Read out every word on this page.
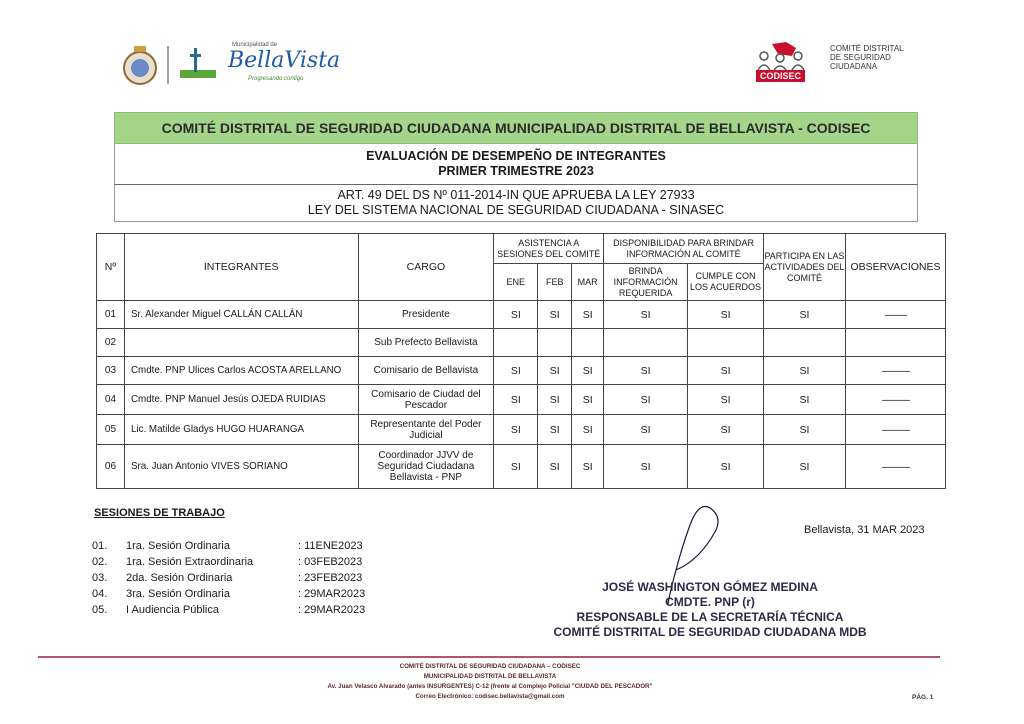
Municipalidad de
BellaVista
Progresando contigo	CODISEC
COMITÉ DISTRITAL DE SEGURIDAD CIUDADANA
COMITÉ DISTRITAL DE SEGURIDAD CIUDADANA MUNICIPALIDAD DISTRITAL DE BELLAVISTA - CODISEC
EVALUACIÓN DE DESEMPEÑO DE INTEGRANTES
PRIMER TRIMESTRE 2023
ART. 49 DEL DS Nº 011-2014-IN QUE APRUEBA LA LEY 27933
LEY DEL SISTEMA NACIONAL DE SEGURIDAD CIUDADANA - SINASEC
Nº	INTEGRANTES	CARGO	ASISTENCIA A SESIONES DEL COMITÉ			DISPONIBILIDAD PARA BRINDAR INFORMACIÓN AL COMITÉ		PARTICIPA EN LAS ACTIVIDADES DEL COMITÉ	OBSERVACIONES
			ENE	FEB	MAR	BRINDA INFORMACIÓN REQUERIDA	CUMPLE CON LOS ACUERDOS		
01	Sr. Alexander Miguel CALLÁN CALLÁN	Presidente	SI	SI	SI	SI	SI	SI	-----------
02		Sub Prefecto Bellavista							
03	Cmdte. PNP Ulices Carlos ACOSTA ARELLANO	Comisario de Bellavista	SI	SI	SI	SI	SI	SI	--------------
04	Cmdte. PNP Manuel Jesús OJEDA RUIDIAS	Comisario de Ciudad del Pescador	SI	SI	SI	SI	SI	SI	--------------
05	Lic. Matilde Gladys HUGO HUARANGA	Representante del Poder Judicial	SI	SI	SI	SI	SI	SI	--------------
06	Sra. Juan Antonio VIVES SORIANO	Coordinador JJVV de Seguridad Ciudadana Bellavista - PNP	SI	SI	SI	SI	SI	SI	--------------
SESIONES DE TRABAJO
01. 1ra. Sesión Ordinaria	: 11ENE2023
02. 1ra. Sesión Extraordinaria	: 03FEB2023
03. 2da. Sesión Ordinaria	: 23FEB2023
04. 3ra. Sesión Ordinaria	: 29MAR2023
05. I Audiencia Pública	: 29MAR2023
Bellavista, 31 MAR 2023
JOSÉ WASHINGTON GÓMEZ MEDINA
CMDTE. PNP (r)
RESPONSABLE DE LA SECRETARÍA TÉCNICA
COMITÉ DISTRITAL DE SEGURIDAD CIUDADANA MDB
COMITÉ DISTRITAL DE SEGURIDAD CIUDADANA – CODISEC
MUNICIPALIDAD DISTRITAL DE BELLAVISTA
Av. Juan Velasco Alvarado (antes INSURGENTES) C-12 (frente al Complejo Policial "CIUDAD DEL PESCADOR"
Correo Electrónico: codisec.bellavista@gmail.com	PÁG. 1
